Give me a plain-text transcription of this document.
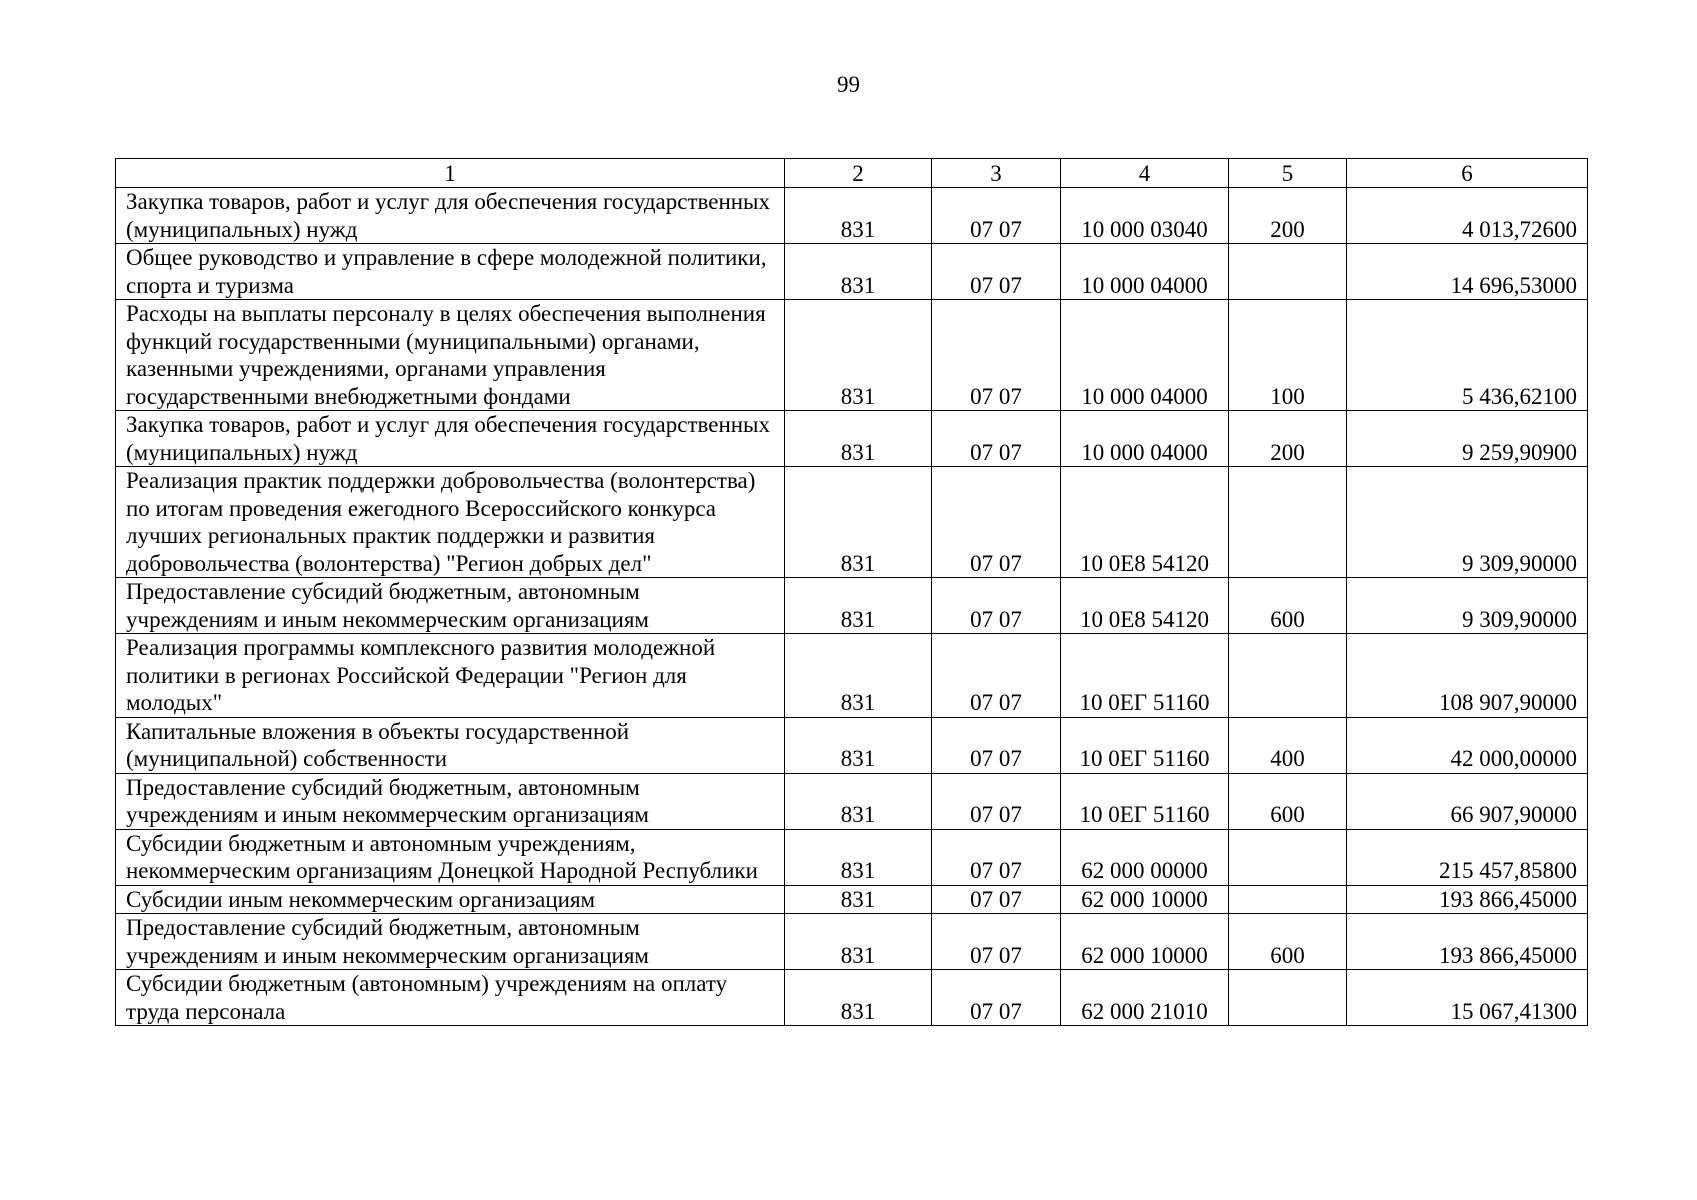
99
1	2	3	4	5	6
Закупка товаров, работ и услуг для обеспечения государственных (муниципальных) нужд	831	07 07	10 000 03040	200	4 013,72600
Общее руководство и управление в сфере молодежной политики, спорта и туризма	831	07 07	10 000 04000		14 696,53000
Расходы на выплаты персоналу в целях обеспечения выполнения функций государственными (муниципальными) органами, казенными учреждениями, органами управления государственными внебюджетными фондами	831	07 07	10 000 04000	100	5 436,62100
Закупка товаров, работ и услуг для обеспечения государственных (муниципальных) нужд	831	07 07	10 000 04000	200	9 259,90900
Реализация практик поддержки добровольчества (волонтерства) по итогам проведения ежегодного Всероссийского конкурса лучших региональных практик поддержки и развития добровольчества (волонтерства) "Регион добрых дел"	831	07 07	10 0E8 54120		9 309,90000
Предоставление субсидий бюджетным, автономным учреждениям и иным некоммерческим организациям	831	07 07	10 0E8 54120	600	9 309,90000
Реализация программы комплексного развития молодежной политики в регионах Российской Федерации "Регион для молодых"	831	07 07	10 0ЕГ 51160		108 907,90000
Капитальные вложения в объекты государственной (муниципальной) собственности	831	07 07	10 0ЕГ 51160	400	42 000,00000
Предоставление субсидий бюджетным, автономным учреждениям и иным некоммерческим организациям	831	07 07	10 0ЕГ 51160	600	66 907,90000
Субсидии бюджетным и автономным учреждениям, некоммерческим организациям Донецкой Народной Республики	831	07 07	62 000 00000		215 457,85800
Субсидии иным некоммерческим организациям	831	07 07	62 000 10000		193 866,45000
Предоставление субсидий бюджетным, автономным учреждениям и иным некоммерческим организациям	831	07 07	62 000 10000	600	193 866,45000
Субсидии бюджетным (автономным) учреждениям на оплату труда персонала	831	07 07	62 000 21010		15 067,41300
